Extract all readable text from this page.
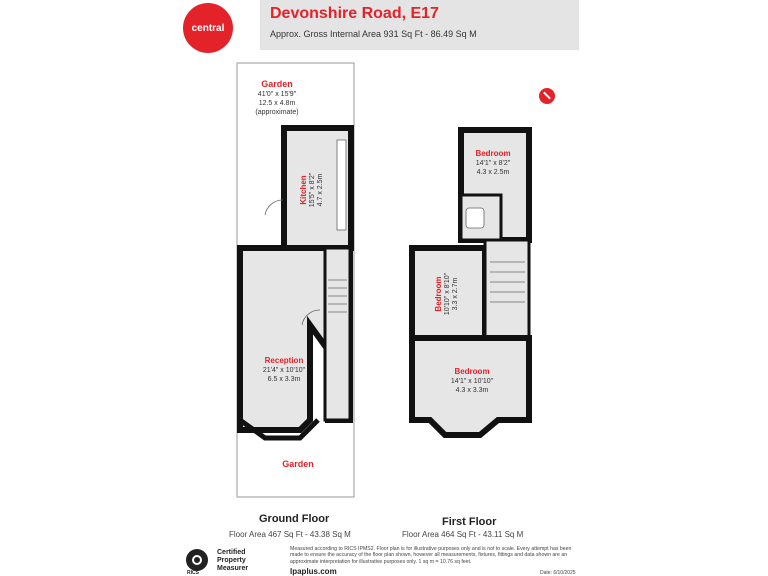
central
Devonshire Road, E17
Approx. Gross Internal Area 931 Sq Ft - 86.49 Sq M
Garden
41'0" x 15'9"
12.5 x 4.8m
(approximate)
Kitchen 15'5" x 8'2" 4.7 x 2.5m
Reception
21'4" x 10'10"
6.5 x 3.3m
Garden
Bedroom
14'1" x 8'2"
4.3 x 2.5m
Bedroom 10'10" x 8'10" 3.3 x 2.7m
Bedroom
14'1" x 10'10"
4.3 x 3.3m
Ground Floor
Floor Area 467 Sq Ft - 43.38 Sq M
First Floor
Floor Area 464 Sq Ft - 43.11 Sq M
RICS
Certified Property Measurer
Measured according to RICS IPMS2. Floor plan is for illustrative purposes only and is not to scale. Every attempt has been made to ensure the accuracy of the floor plan shown, however all measurements, fixtures, fittings and data shown are an approximate interpretation for illustrative purposes only. 1 sq m = 10.76 sq feet.
lpaplus.com	Date: 6/10/2025
